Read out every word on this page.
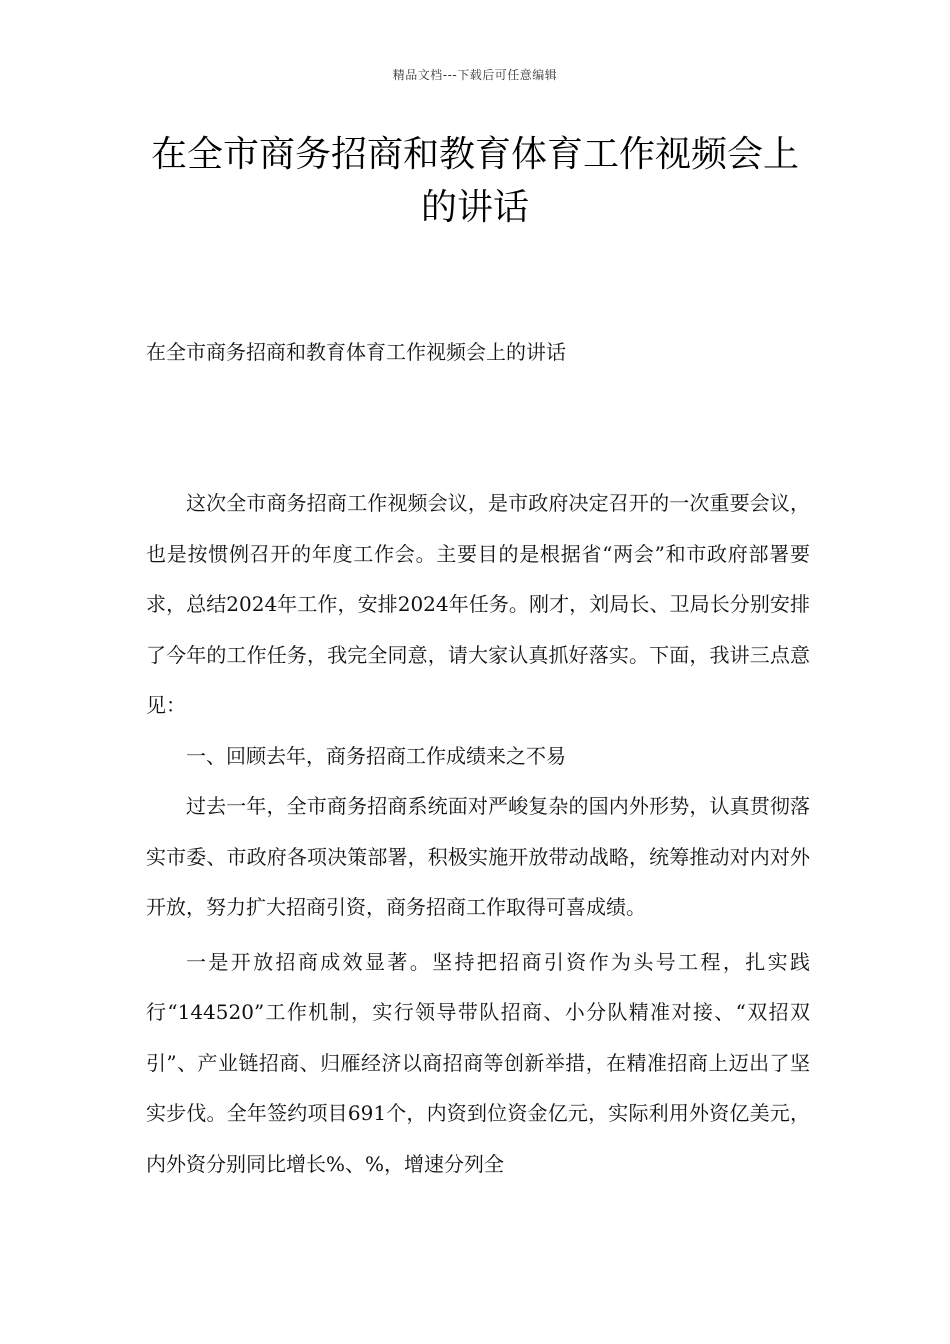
精品文档---下载后可任意编辑
在全市商务招商和教育体育工作视频会上的讲话
在全市商务招商和教育体育工作视频会上的讲话

这次全市商务招商工作视频会议，是市政府决定召开的一次重要会议，也是按惯例召开的年度工作会。主要目的是根据省“两会”和市政府部署要求，总结2024年工作，安排2024年任务。刚才，刘局长、卫局长分别安排了今年的工作任务，我完全同意，请大家认真抓好落实。下面，我讲三点意见：

一、回顾去年，商务招商工作成绩来之不易

过去一年，全市商务招商系统面对严峻复杂的国内外形势，认真贯彻落实市委、市政府各项决策部署，积极实施开放带动战略，统筹推动对内对外开放，努力扩大招商引资，商务招商工作取得可喜成绩。

一是开放招商成效显著。坚持把招商引资作为头号工程，扎实践行“144520”工作机制，实行领导带队招商、小分队精准对接、“双招双引”、产业链招商、归雁经济以商招商等创新举措，在精准招商上迈出了坚实步伐。全年签约项目691个，内资到位资金亿元，实际利用外资亿美元，内外资分别同比增长%、%，增速分列全
